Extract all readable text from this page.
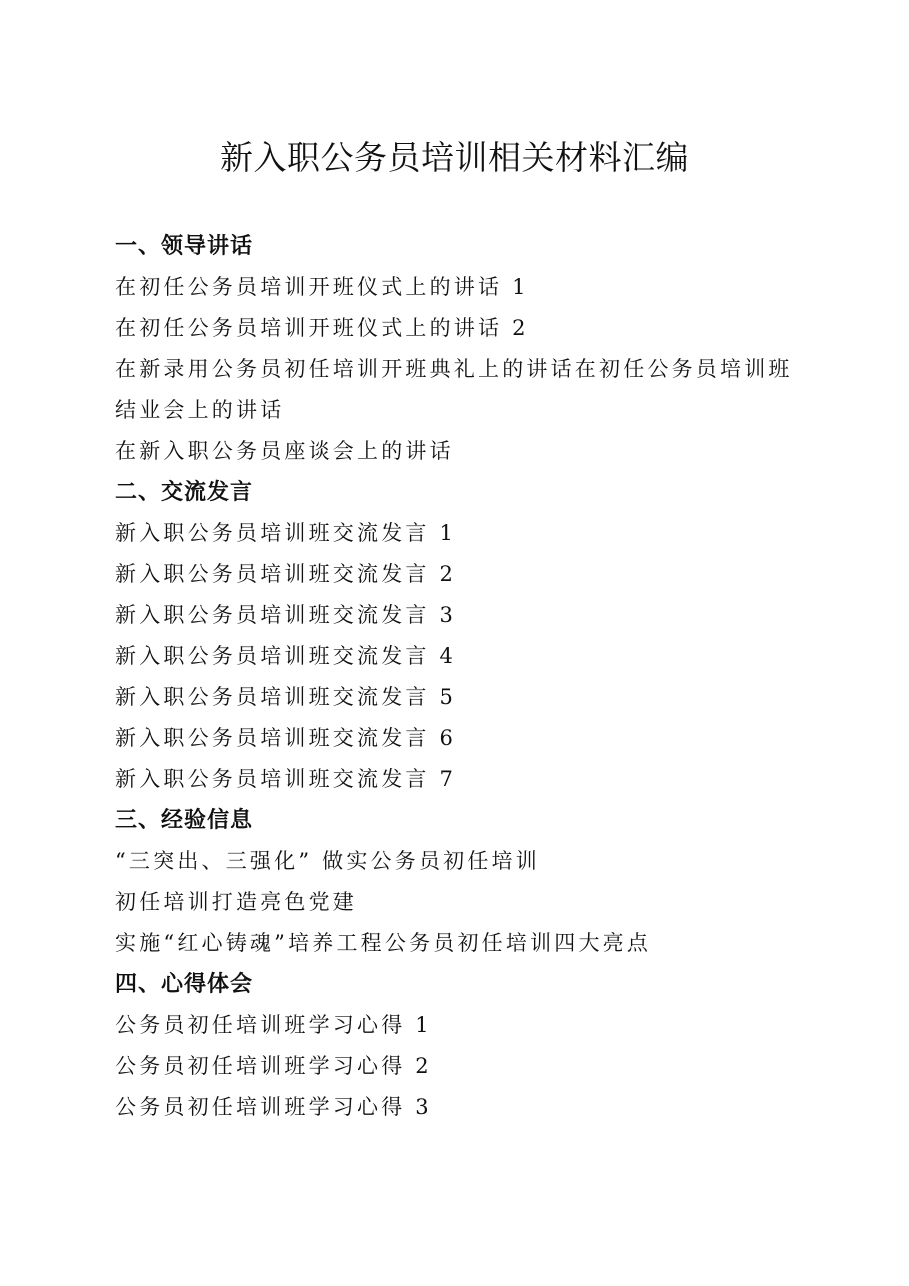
新入职公务员培训相关材料汇编
一、领导讲话
在初任公务员培训开班仪式上的讲话 1
在初任公务员培训开班仪式上的讲话 2
在新录用公务员初任培训开班典礼上的讲话在初任公务员培训班结业会上的讲话
在新入职公务员座谈会上的讲话
二、交流发言
新入职公务员培训班交流发言 1
新入职公务员培训班交流发言 2
新入职公务员培训班交流发言 3
新入职公务员培训班交流发言 4
新入职公务员培训班交流发言 5
新入职公务员培训班交流发言 6
新入职公务员培训班交流发言 7
三、经验信息
“三突出、三强化” 做实公务员初任培训
初任培训打造亮色党建
实施“红心铸魂”培养工程公务员初任培训四大亮点
四、心得体会
公务员初任培训班学习心得 1
公务员初任培训班学习心得 2
公务员初任培训班学习心得 3
